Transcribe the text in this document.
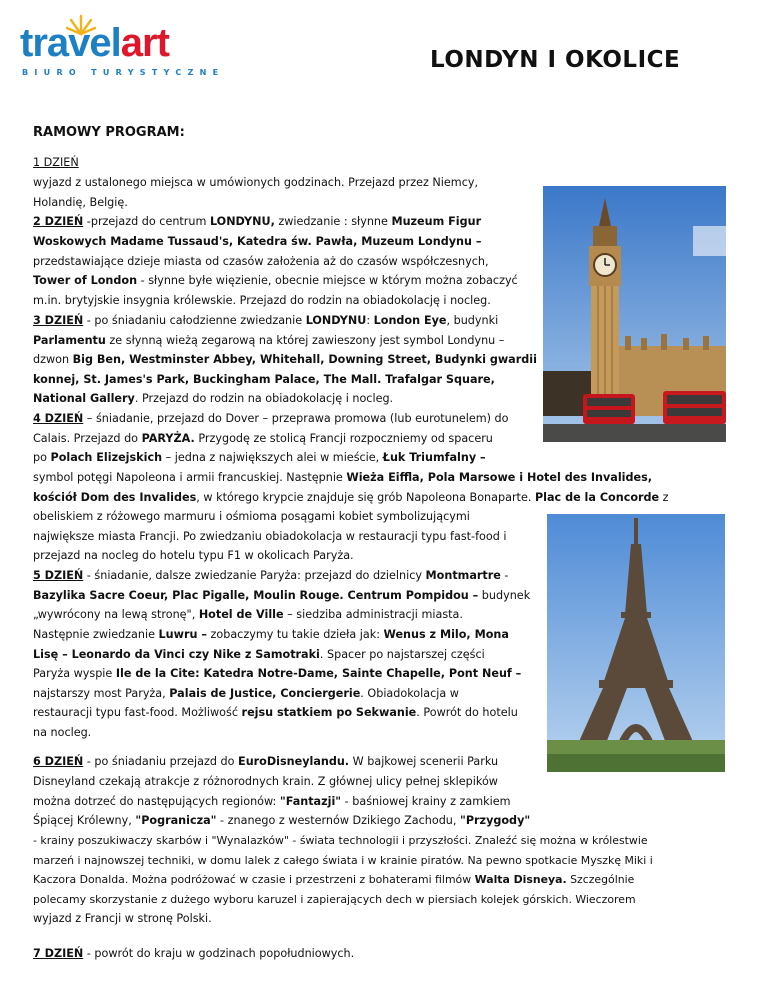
travelart
BIURO TURYSTYCZNE	LONDYN I OKOLICE
RAMOWY PROGRAM:
1 DZIEŃ
wyjazd z ustalonego miejsca w umówionych godzinach. Przejazd przez Niemcy,
Holandię, Belgię.
2 DZIEŃ -przejazd do centrum LONDYNU, zwiedzanie : słynne Muzeum Figur
Woskowych Madame Tussaud's, Katedra św. Pawła, Muzeum Londynu –
przedstawiające dzieje miasta od czasów założenia aż do czasów współczesnych,
Tower of London - słynne byłe więzienie, obecnie miejsce w którym można zobaczyć
m.in. brytyjskie insygnia królewskie. Przejazd do rodzin na obiadokolację i nocleg.
3 DZIEŃ - po śniadaniu całodzienne zwiedzanie LONDYNU: London Eye, budynki
Parlamentu ze słynną wieżą zegarową na której zawieszony jest symbol Londynu –
dzwon Big Ben, Westminster Abbey, Whitehall, Downing Street, Budynki gwardii
konnej, St. James's Park, Buckingham Palace, The Mall. Trafalgar Square,
National Gallery. Przejazd do rodzin na obiadokolację i nocleg.
4 DZIEŃ – śniadanie, przejazd do Dover – przeprawa promowa (lub eurotunelem) do
Calais. Przejazd do PARYŻA. Przygodę ze stolicą Francji rozpoczniemy od spaceru
po Polach Elizejskich – jedna z największych alei w mieście, Łuk Triumfalny –
symbol potęgi Napoleona i armii francuskiej. Następnie Wieża Eiffla, Pola Marsowe i Hotel des Invalides,
kościół Dom des Invalides, w którego krypcie znajduje się grób Napoleona Bonaparte. Plac de la Concorde z
obeliskiem z różowego marmuru i ośmioma posągami kobiet symbolizującymi
największe miasta Francji. Po zwiedzaniu obiadokolacja w restauracji typu fast-food i
przejazd na nocleg do hotelu typu F1 w okolicach Paryża.
5 DZIEŃ - śniadanie, dalsze zwiedzanie Paryża: przejazd do dzielnicy Montmartre -
Bazylika Sacre Coeur, Plac Pigalle, Moulin Rouge. Centrum Pompidou – budynek
„wywrócony na lewą stronę", Hotel de Ville – siedziba administracji miasta.
Następnie zwiedzanie Luwru – zobaczymy tu takie dzieła jak: Wenus z Milo, Mona
Lisę – Leonardo da Vinci czy Nike z Samotraki. Spacer po najstarszej części
Paryża wyspie Ile de la Cite: Katedra Notre-Dame, Sainte Chapelle, Pont Neuf –
najstarszy most Paryża, Palais de Justice, Conciergerie. Obiadokolacja w
restauracji typu fast-food. Możliwość rejsu statkiem po Sekwanie. Powrót do hotelu
na nocleg.
6 DZIEŃ - po śniadaniu przejazd do EuroDisneylandu. W bajkowej scenerii Parku
Disneyland czekają atrakcje z różnorodnych krain. Z głównej ulicy pełnej sklepików
można dotrzeć do następujących regionów: "Fantazji" - baśniowej krainy z zamkiem
Śpiącej Królewny, "Pogranicza" - znanego z westernów Dzikiego Zachodu, "Przygody"
- krainy poszukiwaczy skarbów i "Wynalazków" - świata technologii i przyszłości. Znaleźć się można w królestwie
marzeń i najnowszej techniki, w domu lalek z całego świata i w krainie piratów. Na pewno spotkacie Myszkę Miki i
Kaczora Donalda. Można podróżować w czasie i przestrzeni z bohaterami filmów Walta Disneya. Szczególnie
polecamy skorzystanie z dużego wyboru karuzel i zapierających dech w piersiach kolejek górskich. Wieczorem
wyjazd z Francji w stronę Polski.
7 DZIEŃ - powrót do kraju w godzinach popołudniowych.
